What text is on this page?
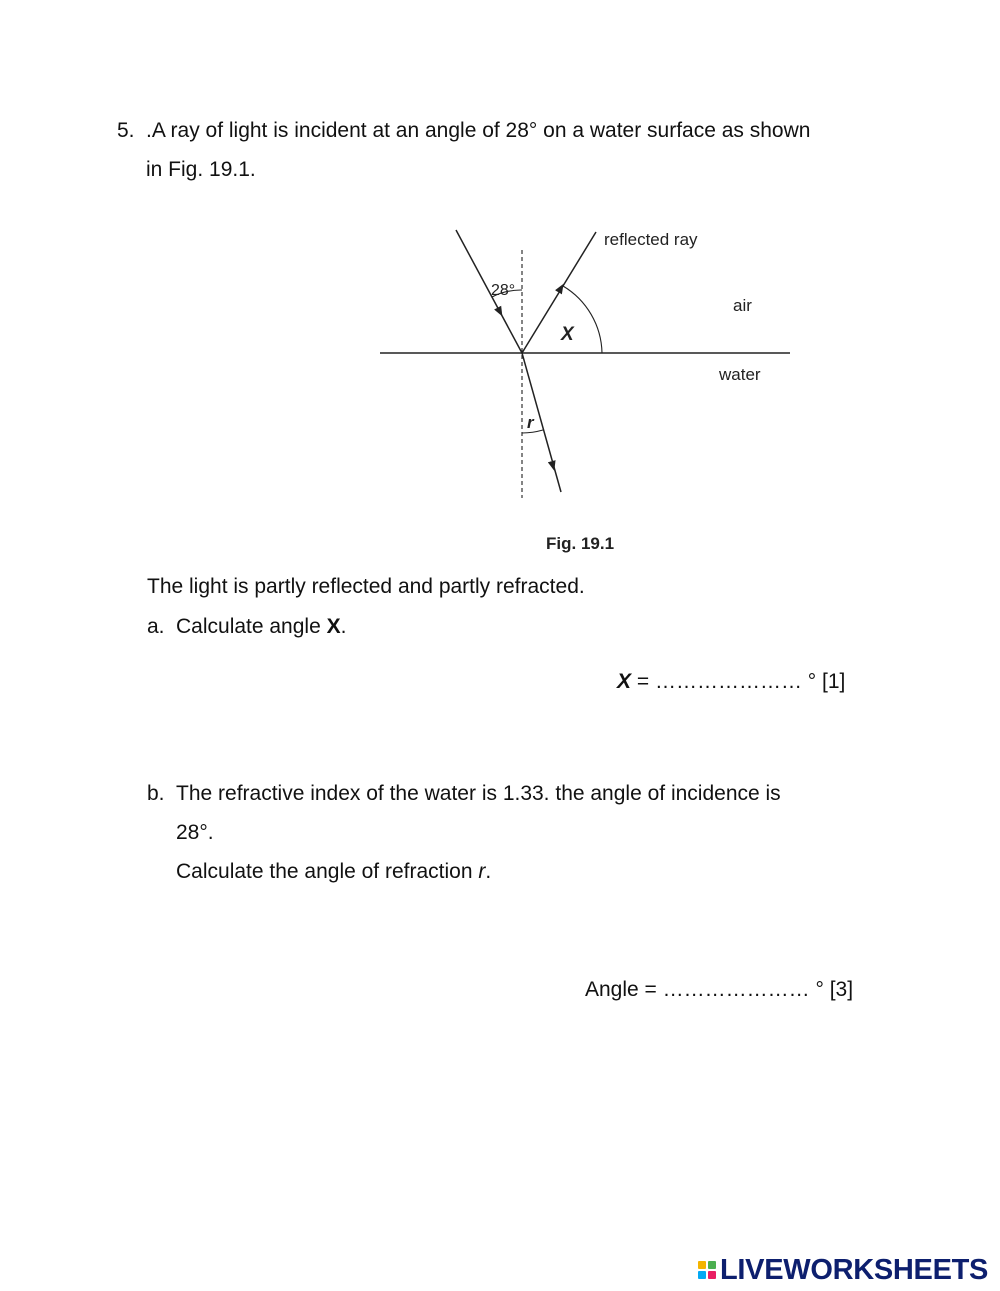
5. .A ray of light is incident at an angle of 28° on a water surface as shown
in Fig. 19.1.
reflected ray
air
water
28°
X
r
Fig. 19.1
The light is partly reflected and partly refracted.
a. Calculate angle X.
X = ………………… ° [1]
b. The refractive index of the water is 1.33. the angle of incidence is
28°.
Calculate the angle of refraction r.
Angle = ………………… ° [3]
LIVEWORKSHEETS
